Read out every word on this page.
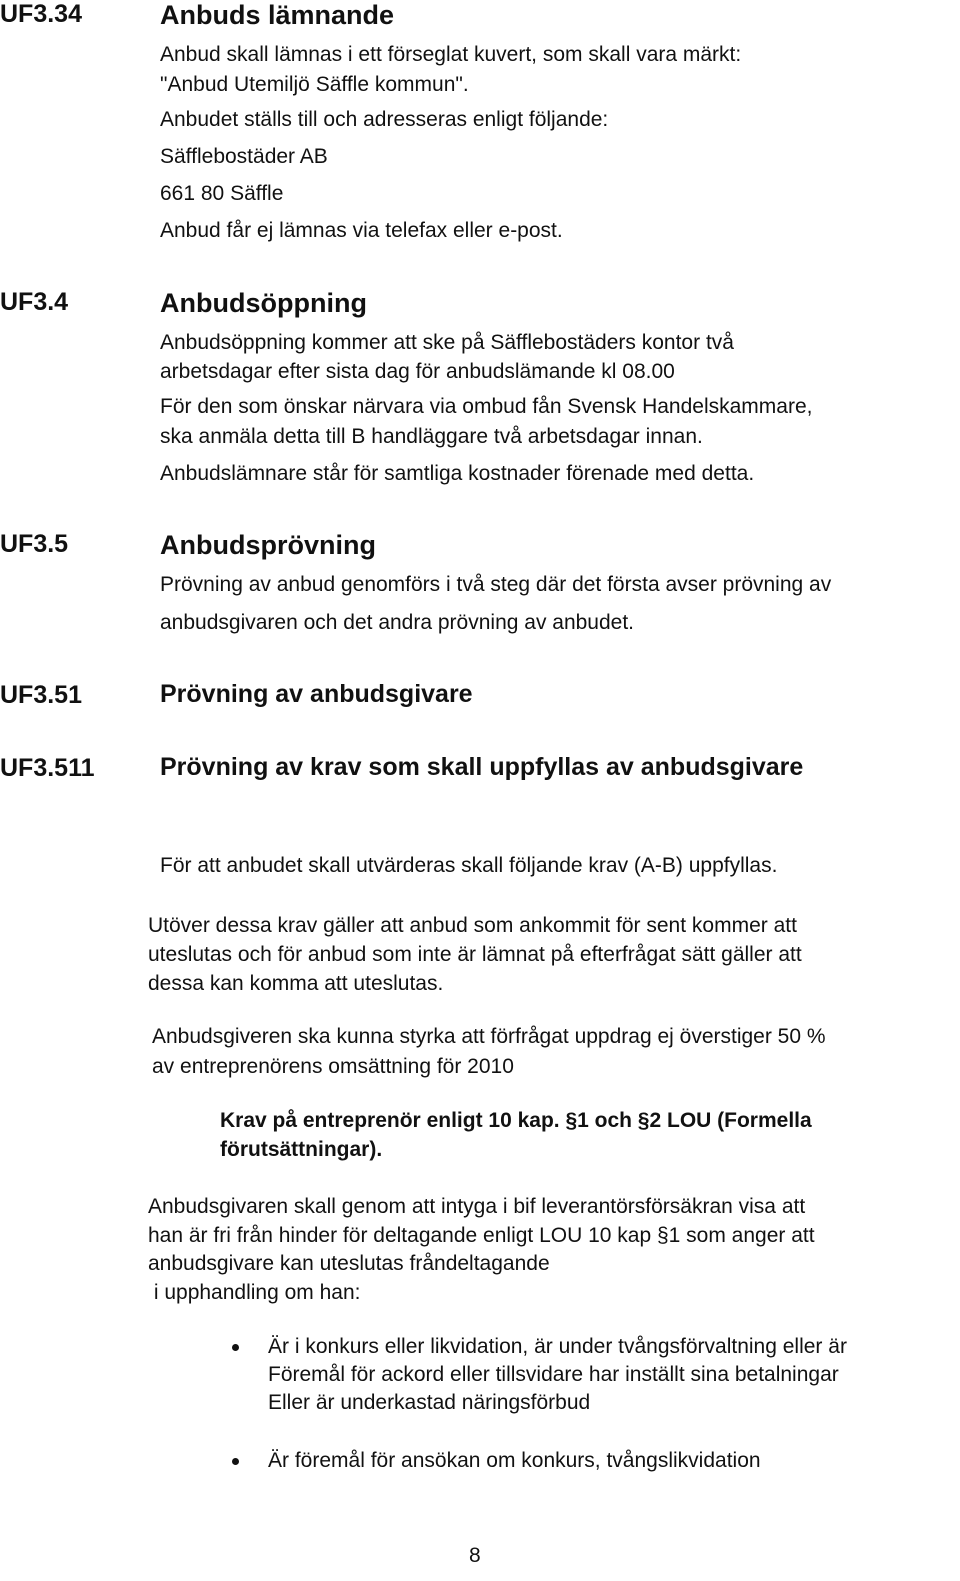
UF3.34	Anbuds lämnande
Anbud skall lämnas i ett förseglat kuvert, som skall vara märkt:
"Anbud Utemiljö Säffle kommun".
Anbudet ställs till och adresseras enligt följande:
Säfflebostäder AB
661 80 Säffle
Anbud får ej lämnas via telefax eller e-post.
UF3.4	Anbudsöppning
Anbudsöppning kommer att ske på Säfflebostäders kontor två
arbetsdagar efter sista dag för anbudslämande kl 08.00
För den som önskar närvara via ombud fån Svensk Handelskammare,
ska anmäla detta till B handläggare två arbetsdagar innan.
Anbudslämnare står för samtliga kostnader förenade med detta.
UF3.5	Anbudsprövning
Prövning av anbud genomförs i två steg där det första avser prövning av
anbudsgivaren och det andra prövning av anbudet.
UF3.51	Prövning av anbudsgivare
UF3.511	Prövning av krav som skall uppfyllas av anbudsgivare
För att anbudet skall utvärderas skall följande krav (A-B) uppfyllas.
Utöver dessa krav gäller att anbud som ankommit för sent kommer att
uteslutas och för anbud som inte är lämnat på efterfrågat sätt gäller att
dessa kan komma att uteslutas.
Anbudsgiveren ska kunna styrka att förfrågat uppdrag ej överstiger 50 %
av entreprenörens omsättning för 2010
Krav på entreprenör enligt 10 kap. §1 och §2 LOU (Formella
förutsättningar).
Anbudsgivaren skall genom att intyga i bif leverantörsförsäkran visa att
han är fri från hinder för deltagande enligt LOU 10 kap §1 som anger att
anbudsgivare kan uteslutas fråndeltagande
i upphandling om han:
Är i konkurs eller likvidation, är under tvångsförvaltning eller är
Föremål för ackord eller tillsvidare har inställt sina betalningar
Eller är underkastad näringsförbud
Är föremål för ansökan om konkurs, tvångslikvidation
8
